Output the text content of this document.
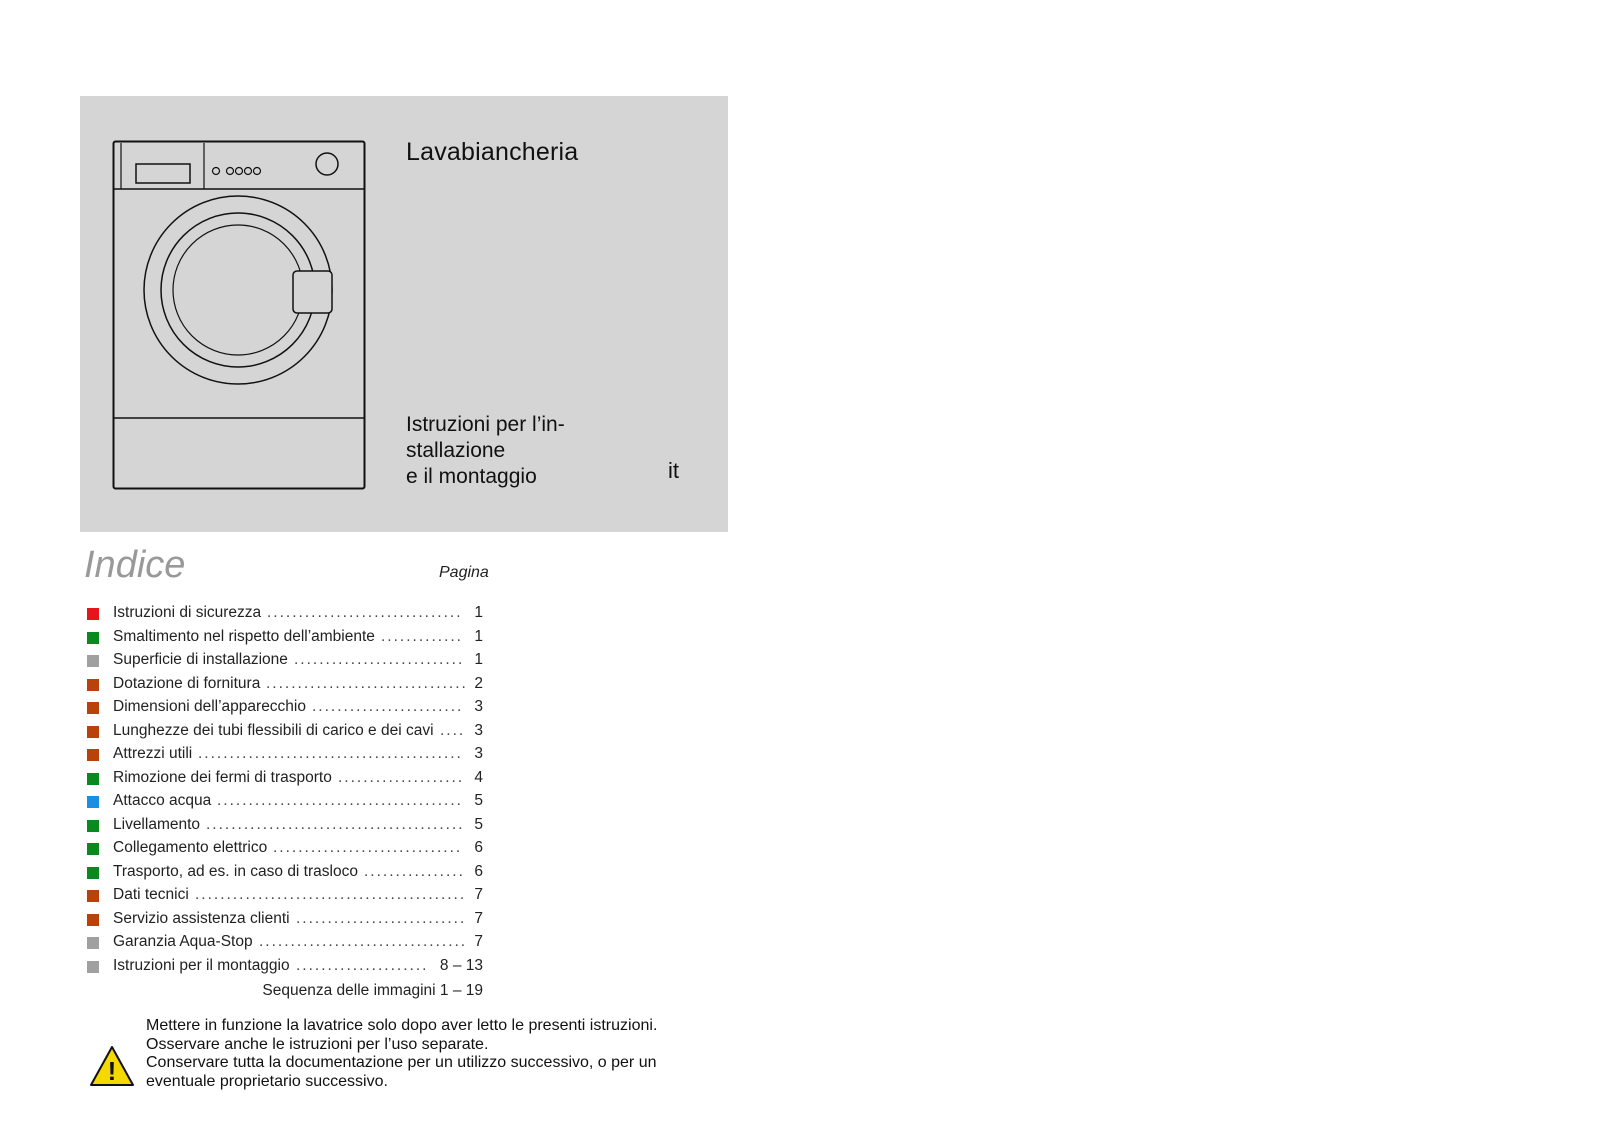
Lavabiancheria
Istruzioni per l’in-
stallazione
e il montaggio	it
Indice	Pagina
Istruzioni di sicurezza ............................... 1
Smaltimento nel rispetto dell’ambiente ............. 1
Superficie di installazione ........................... 1
Dotazione di fornitura ................................ 2
Dimensioni dell’apparecchio ........................ 3
Lunghezze dei tubi flessibili di carico e dei cavi .... 3
Attrezzi utili .......................................... 3
Rimozione dei fermi di trasporto .................... 4
Attacco acqua ....................................... 5
Livellamento ......................................... 5
Collegamento elettrico .............................. 6
Trasporto, ad es. in caso di trasloco ................ 6
Dati tecnici ........................................... 7
Servizio assistenza clienti ........................... 7
Garanzia Aqua-Stop ................................. 7
Istruzioni per il montaggio ..................... 8 – 13
Sequenza delle immagini 1 – 19
!
Mettere in funzione la lavatrice solo dopo aver letto le presenti istruzioni.
Osservare anche le istruzioni per l’uso separate.
Conservare tutta la documentazione per un utilizzo successivo, o per un
eventuale proprietario successivo.
